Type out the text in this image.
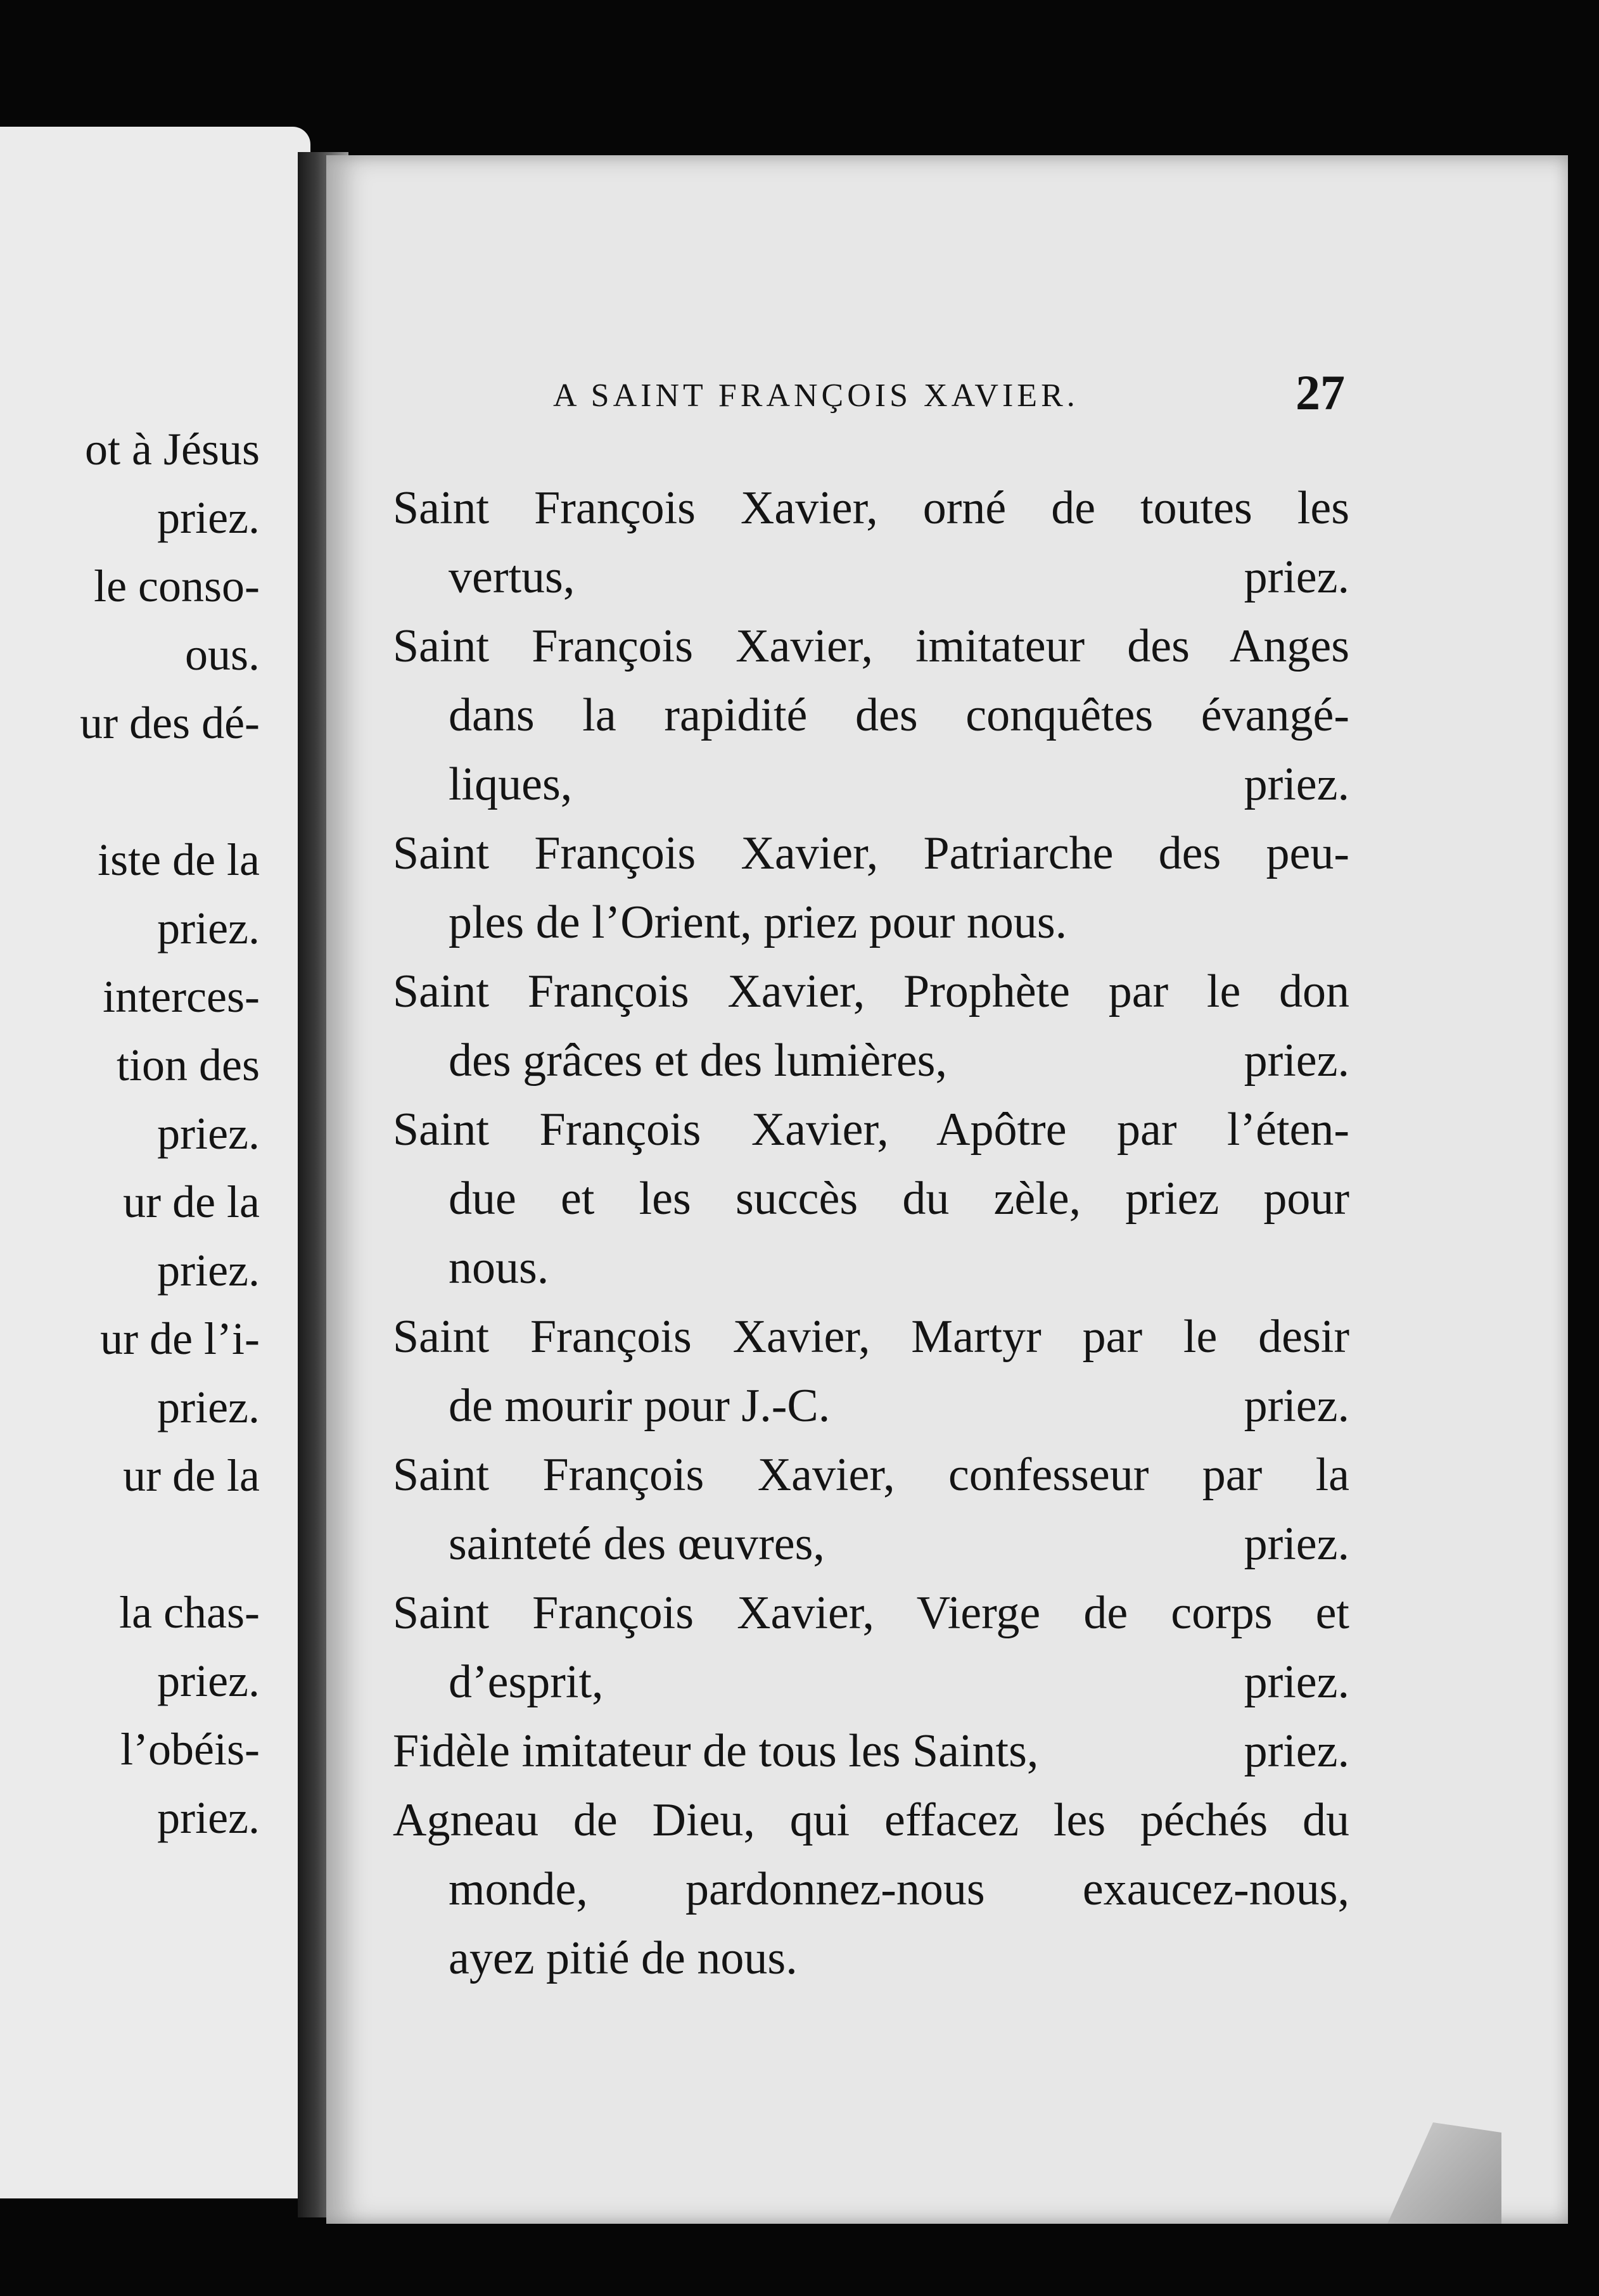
ot à Jésus
priez.
le conso-
ous.
ur des dé-
iste de la
priez.
interces-
tion des
priez.
ur de la
priez.
ur de l’i-
priez.
ur de la
la chas-
priez.
l’obéis-
priez.
A SAINT FRANÇOIS XAVIER.	27
Saint François Xavier, orné de toutes les
vertus,	priez.
Saint François Xavier, imitateur des Anges
dans la rapidité des conquêtes évangé-
liques,	priez.
Saint François Xavier, Patriarche des peu-
ples de l’Orient, priez pour nous.
Saint François Xavier, Prophète par le don
des grâces et des lumières,	priez.
Saint François Xavier, Apôtre par l’éten-
due et les succès du zèle, priez pour
nous.
Saint François Xavier, Martyr par le desir
de mourir pour J.-C.	priez.
Saint François Xavier, confesseur par la
sainteté des œuvres,	priez.
Saint François Xavier, Vierge de corps et
d’esprit,	priez.
Fidèle imitateur de tous les Saints,	priez.
Agneau de Dieu, qui effacez les péchés du
monde, pardonnez-nous exaucez-nous,
ayez pitié de nous.
